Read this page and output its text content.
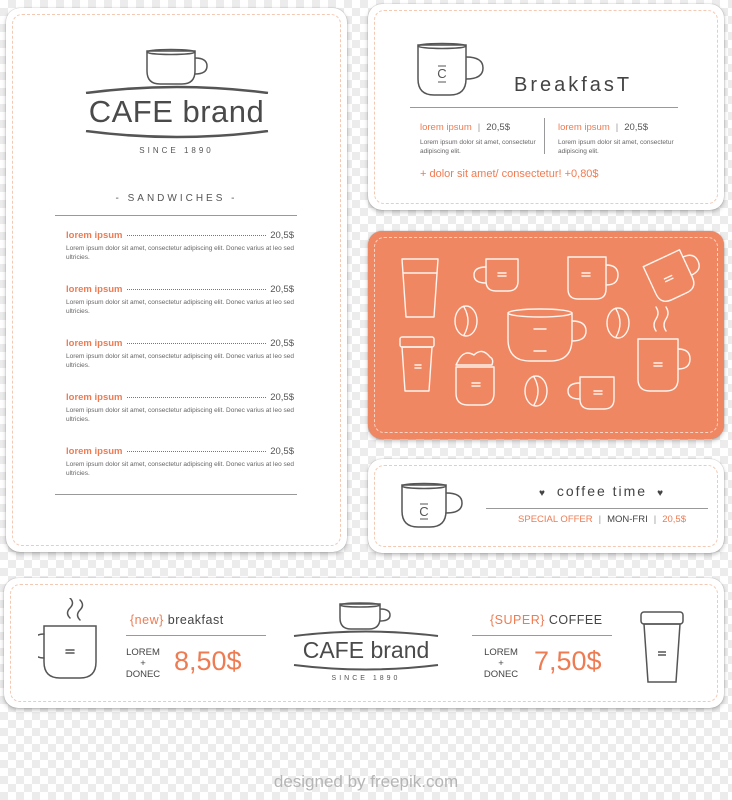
CAFE brand
SINCE 1890
- SANDWICHES -
lorem ipsum	20,5$
Lorem ipsum dolor sit amet, consectetur adipiscing elit. Donec varius at leo sed ultricies.
lorem ipsum	20,5$
Lorem ipsum dolor sit amet, consectetur adipiscing elit. Donec varius at leo sed ultricies.
lorem ipsum	20,5$
Lorem ipsum dolor sit amet, consectetur adipiscing elit. Donec varius at leo sed ultricies.
lorem ipsum	20,5$
Lorem ipsum dolor sit amet, consectetur adipiscing elit. Donec varius at leo sed ultricies.
lorem ipsum	20,5$
Lorem ipsum dolor sit amet, consectetur adipiscing elit. Donec varius at leo sed ultricies.
C
BreakfasT
lorem ipsum | 20,5$
Lorem ipsum dolor sit amet, consectetur adipiscing elit.
lorem ipsum | 20,5$
Lorem ipsum dolor sit amet, consectetur adipiscing elit.
+ dolor sit amet/ consectetur! +0,80$
C
♥ coffee time ♥
SPECIAL OFFER | MON-FRI | 20,5$
{new} breakfast
LOREM
+
DONEC 8,50$	CAFE brand
SINCE 1890
{SUPER} COFFEE
LOREM
+
DONEC 7,50$
designed by freepik.com
